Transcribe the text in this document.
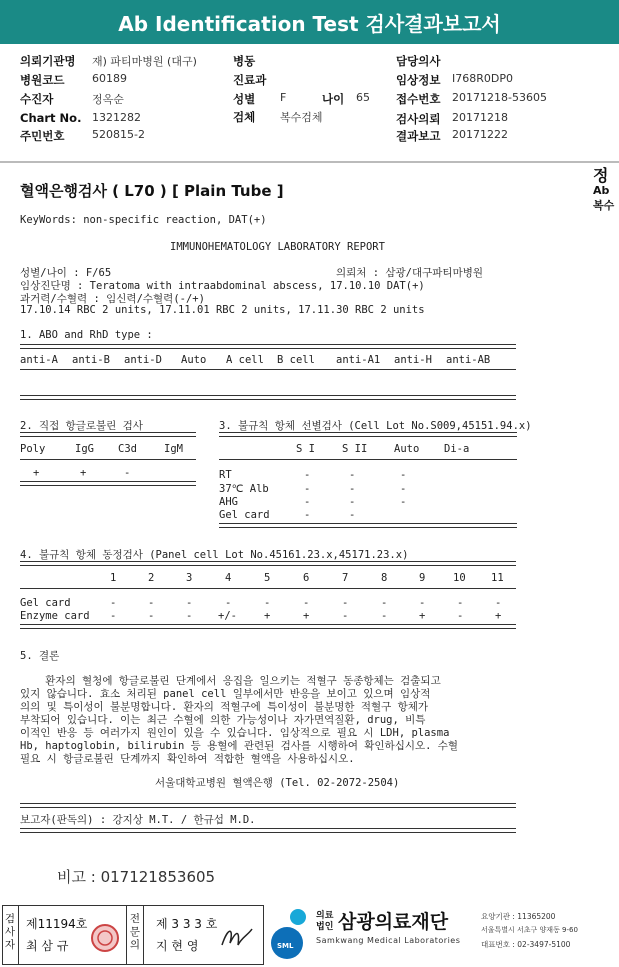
Ab Identification Test 검사결과보고서
의뢰기관명 재) 파티마병원 (대구)
병원코드	60189
수진자	정옥순
Chart No. 1321282
주민번호	520815-2
병동
진료과
성별 F	나이 65
검체 복수검체
담당의사
임상정보 I768R0DP0
접수번호 20171218-53605
검사의뢰 20171218
결과보고 20171222
정
Ab
복수
혈액은행검사 ( L70 ) [ Plain Tube ]
KeyWords: non-specific reaction, DAT(+)
IMMUNOHEMATOLOGY LABORATORY REPORT
성별/나이 : F/65	의뢰처 : 삼광/대구파티마병원
임상진단명 : Teratoma with intraabdominal abscess, 17.10.10 DAT(+)
과거력/수혈력 : 임신력/수혈력(-/+)
17.10.14 RBC 2 units, 17.11.01 RBC 2 units, 17.11.30 RBC 2 units
1. ABO and RhD type :
anti-A anti-B anti-D Auto A cell B cell anti-A1 anti-H anti-AB
2. 직접 항글로불린 검사
Poly	IgG C3d	IgM
+	+	-
3. 불규칙 항체 선별검사 (Cell Lot No.S009,45151.94.x)
S I	S II	Auto Di-a
RT	-	-	-
37℃ Alb	-	-	-
AHG	-	-	-
Gel card	-	-
4. 불규칙 항체 동정검사 (Panel cell Lot No.45161.23.x,45171.23.x)
1	2	3	4	5	6	7	8	9	10 11
Gel card	-	-	-	-	-	-	-	-	-	-	-
Enzyme card -	-	- +/-	+	+	-	-	+	-	+
5. 결론
환자의 혈청에 항글로불린 단계에서 응집을 일으키는 적혈구 동종항체는 검출되고
있지 않습니다. 효소 처리된 panel cell 일부에서만 반응을 보이고 있으며 임상적
의의 및 특이성이 불분명합니다. 환자의 적혈구에 특이성이 불분명한 적혈구 항체가
부착되어 있습니다. 이는 최근 수혈에 의한 가능성이나 자가면역질환, drug, 비특
이적인 반응 등 여러가지 원인이 있을 수 있습니다. 임상적으로 필요 시 LDH, plasma
Hb, haptoglobin, bilirubin 등 용혈에 관련된 검사를 시행하여 확인하십시오. 수혈
필요 시 항글로불린 단계까지 확인하여 적합한 혈액을 사용하십시오.
서울대학교병원 혈액은행 (Tel. 02-2072-2504)
보고자(판독의) : 강지상 M.T. / 한규섭 M.D.
비고 : 017121853605
검사자
제11194호
최 삼 규
전문의
제 3 3 3 호
지 현 영	SML
의료법인 삼광의료재단
Samkwang Medical Laboratories
요양기관 : 11365200
서울특별시 서초구 양재동 9-60
대표번호 : 02-3497-5100
